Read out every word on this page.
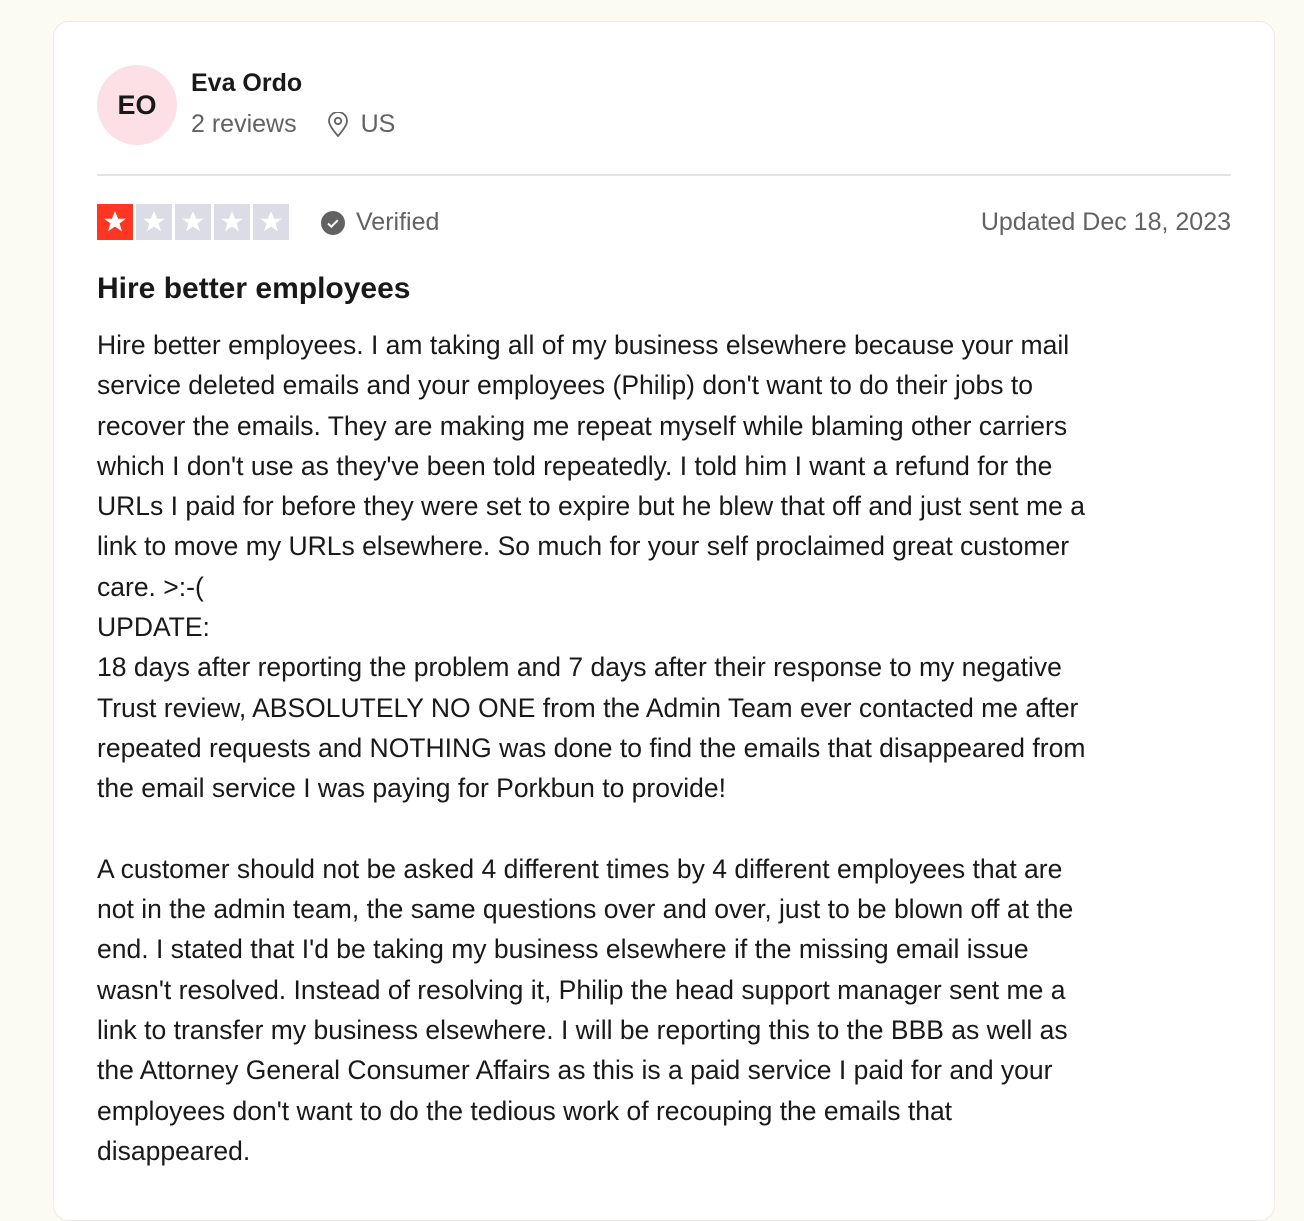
EO
Eva Ordo
2 reviews	US
Verified	Updated Dec 18, 2023
Hire better employees
Hire better employees. I am taking all of my business elsewhere because your mail
service deleted emails and your employees (Philip) don't want to do their jobs to
recover the emails. They are making me repeat myself while blaming other carriers
which I don't use as they've been told repeatedly. I told him I want a refund for the
URLs I paid for before they were set to expire but he blew that off and just sent me a
link to move my URLs elsewhere. So much for your self proclaimed great customer
care. >:-(
UPDATE:
18 days after reporting the problem and 7 days after their response to my negative
Trust review, ABSOLUTELY NO ONE from the Admin Team ever contacted me after
repeated requests and NOTHING was done to find the emails that disappeared from
the email service I was paying for Porkbun to provide!
A customer should not be asked 4 different times by 4 different employees that are
not in the admin team, the same questions over and over, just to be blown off at the
end. I stated that I'd be taking my business elsewhere if the missing email issue
wasn't resolved. Instead of resolving it, Philip the head support manager sent me a
link to transfer my business elsewhere. I will be reporting this to the BBB as well as
the Attorney General Consumer Affairs as this is a paid service I paid for and your
employees don't want to do the tedious work of recouping the emails that
disappeared.
